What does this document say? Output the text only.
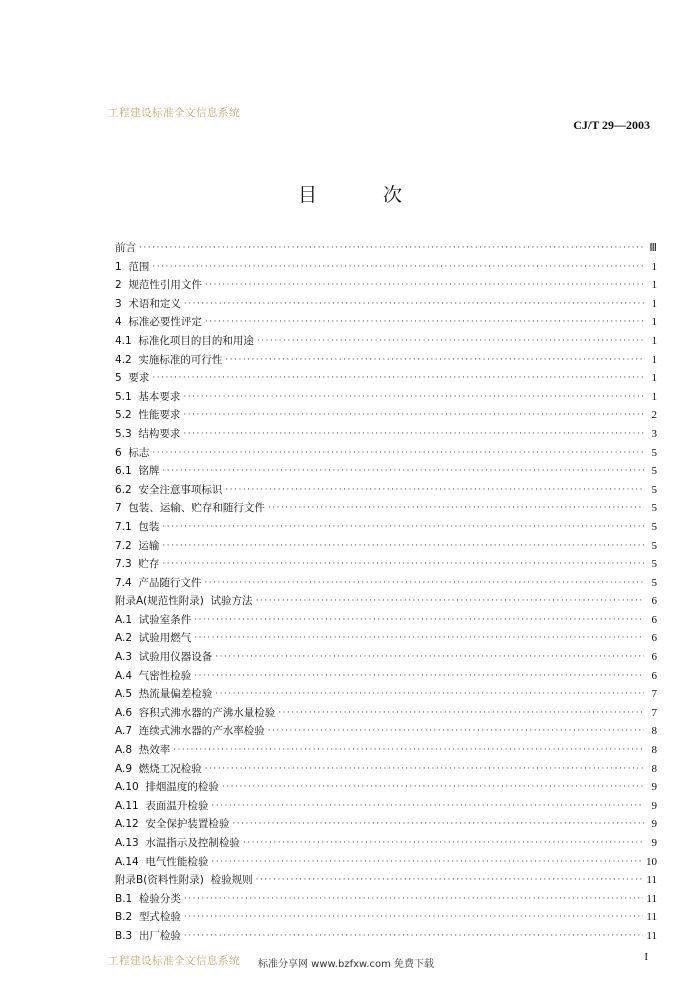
工程建设标准全文信息系统
CJ/T 29—2003
目 次
前言 ·····	Ⅲ
1  范围 ·····	1
2  规范性引用文件 ·····	1
3  术语和定义 ·····	1
4  标准必要性评定 ·····	1
4.1  标准化项目的目的和用途 ·····	1
4.2  实施标准的可行性 ·····	1
5  要求 ·····	1
5.1  基本要求 ·····	1
5.2  性能要求 ·····	2
5.3  结构要求 ·····	3
6  标志 ·····	5
6.1  铭牌 ·····	5
6.2  安全注意事项标识 ·····	5
7  包装、运输、贮存和随行文件 ·····	5
7.1  包装 ·····	5
7.2  运输 ·····	5
7.3  贮存 ·····	5
7.4  产品随行文件 ·····	5
附录A(规范性附录)  试验方法 ·····	6
A.1  试验室条件 ·····	6
A.2  试验用燃气 ·····	6
A.3  试验用仪器设备 ·····	6
A.4  气密性检验 ·····	6
A.5  热流量偏差检验 ·····	7
A.6  容积式沸水器的产沸水量检验 ·····	7
A.7  连续式沸水器的产水率检验 ·····	8
A.8  热效率 ·····	8
A.9  燃烧工况检验 ·····	8
A.10  排烟温度的检验 ·····	9
A.11  表面温升检验 ·····	9
A.12  安全保护装置检验 ·····	9
A.13  水温指示及控制检验 ·····	9
A.14  电气性能检验 ·····	10
附录B(资料性附录)  检验规则 ·····	11
B.1  检验分类 ·····	11
B.2  型式检验 ·····	11
B.3  出厂检验 ·····	11
工程建设标准全文信息系统 标准分享网 www.bzfxw.com 免费下载
I
